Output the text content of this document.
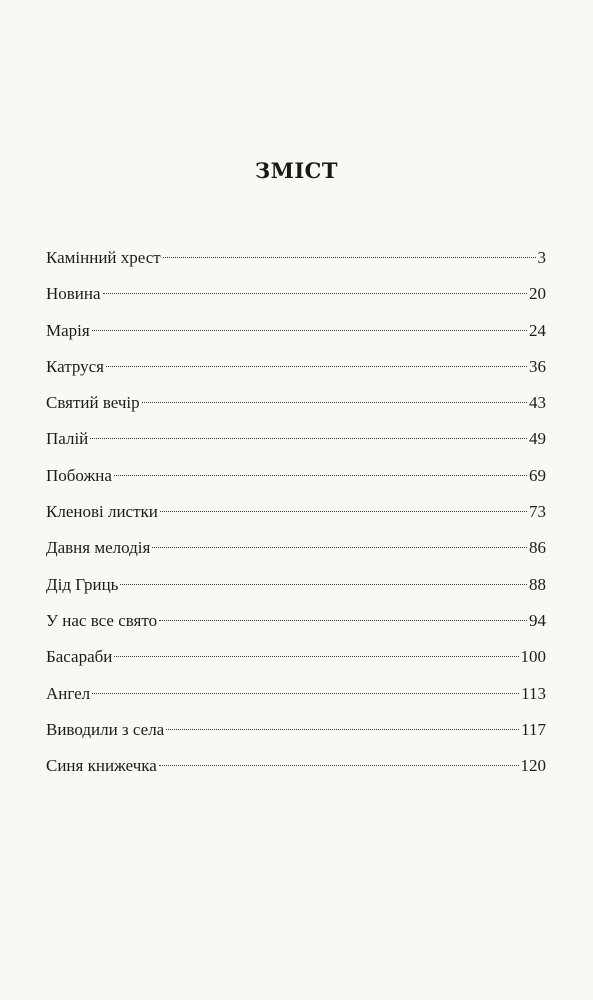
ЗМІСТ
Камінний хрест	3
Новина	20
Марія	24
Катруся	36
Святий вечір	43
Палій	49
Побожна	69
Кленові листки	73
Давня мелодія	86
Дід Гриць	88
У нас все свято	94
Басараби	100
Ангел	113
Виводили з села	117
Синя книжечка	120
